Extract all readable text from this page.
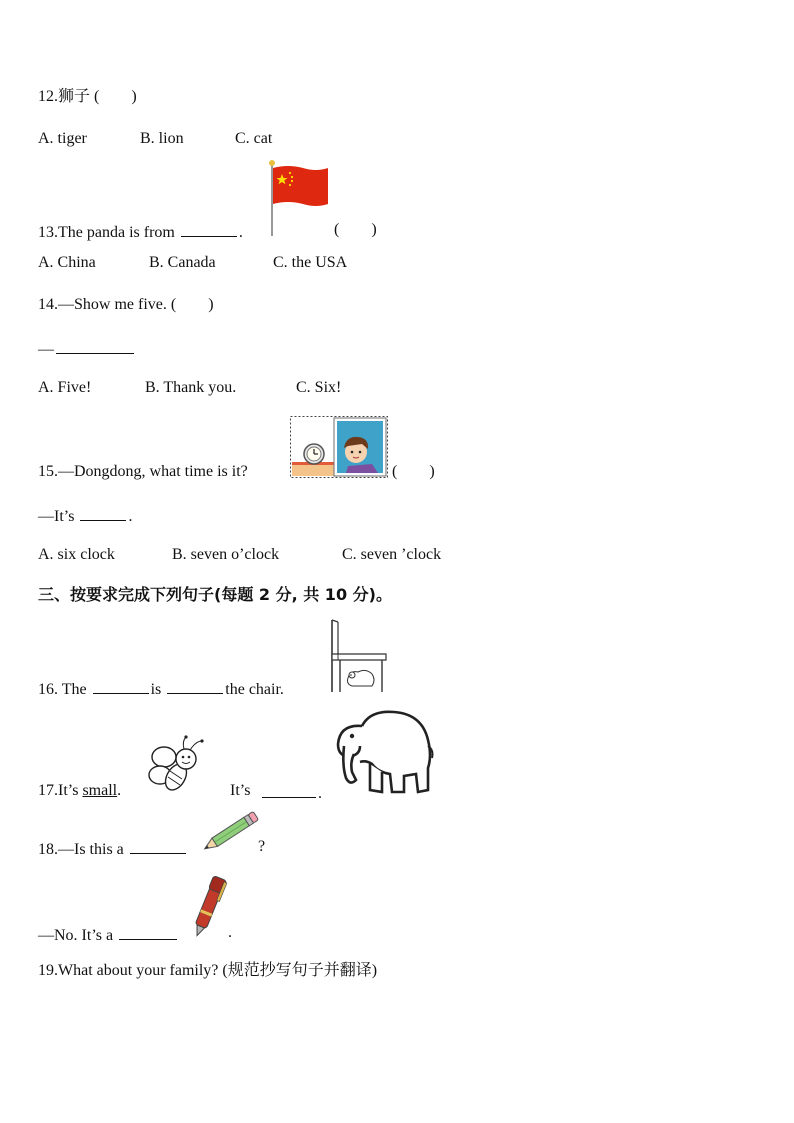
12.狮子 (　　)
A. tiger	B. lion	C. cat
13.The panda is from	.	(　　)
A. China	B. Canada	C. the USA
14.—Show me five. (　　)
—
A. Five!	B. Thank you.	C. Six!
15.—Dongdong, what time is it?	(　　)
—It’s	.
A. six clock	B. seven o’clock	C. seven ’clock
三、按要求完成下列句子(每题 2 分, 共 10 分)。
16. The	is	the chair.
17.It’s small.	It’s	.
18.—Is this a	?
—No. It’s a	.
19.What about your family? (规范抄写句子并翻译)
